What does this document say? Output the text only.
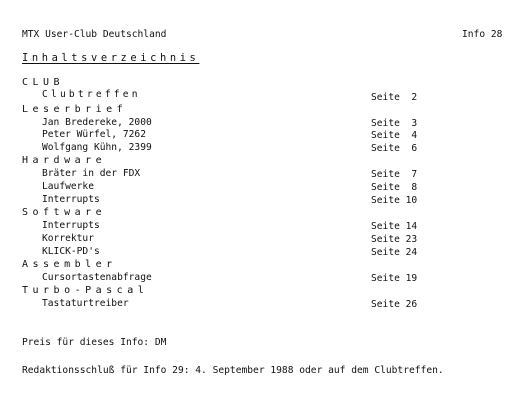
MTX User-Club Deutschland	Info 28
Inhaltsverzeichnis
CLUB
Clubtreffen	Seite  2
Leserbrief
Jan Bredereke, 2000	Seite  3
Peter Würfel, 7262	Seite  4
Wolfgang Kühn, 2399	Seite  6
Hardware
Bräter in der FDX	Seite  7
Laufwerke	Seite  8
Interrupts	Seite 10
Software
Interrupts	Seite 14
Korrektur	Seite 23
KLICK-PD's	Seite 24
Assembler
Cursortastenabfrage	Seite 19
Turbo-Pascal
Tastaturtreiber	Seite 26
Preis für dieses Info: DM
Redaktionsschluß für Info 29: 4. September 1988 oder auf dem Clubtreffen.
